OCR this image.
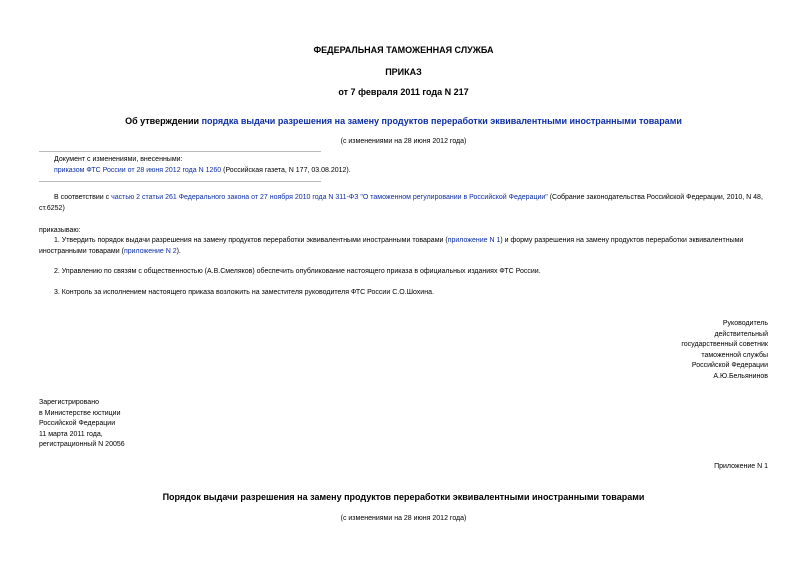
ФЕДЕРАЛЬНАЯ ТАМОЖЕННАЯ СЛУЖБА
ПРИКАЗ
от 7 февраля 2011 года N 217
Об утверждении порядка выдачи разрешения на замену продуктов переработки эквивалентными иностранными товарами
(с изменениями на 28 июня 2012 года)
Документ с изменениями, внесенными:
приказом ФТС России от 28 июня 2012 года N 1260 (Российская газета, N 177, 03.08.2012).
В соответствии с частью 2 статьи 261 Федерального закона от 27 ноября 2010 года N 311-ФЗ "О таможенном регулировании в Российской Федерации" (Собрание законодательства Российской Федерации, 2010, N 48, ст.6252)
приказываю:
1. Утвердить порядок выдачи разрешения на замену продуктов переработки эквивалентными иностранными товарами (приложение N 1) и форму разрешения на замену продуктов переработки эквивалентными иностранными товарами (приложение N 2).
2. Управлению по связям с общественностью (А.В.Смеляков) обеспечить опубликование настоящего приказа в официальных изданиях ФТС России.
3. Контроль за исполнением настоящего приказа возложить на заместителя руководителя ФТС России С.О.Шохина.
Руководитель
действительный
государственный советник
таможенной службы
Российской Федерации
А.Ю.Бельянинов
Зарегистрировано
в Министерстве юстиции
Российской Федерации
11 марта 2011 года,
регистрационный N 20056
Приложение N 1
Порядок выдачи разрешения на замену продуктов переработки эквивалентными иностранными товарами
(с изменениями на 28 июня 2012 года)
